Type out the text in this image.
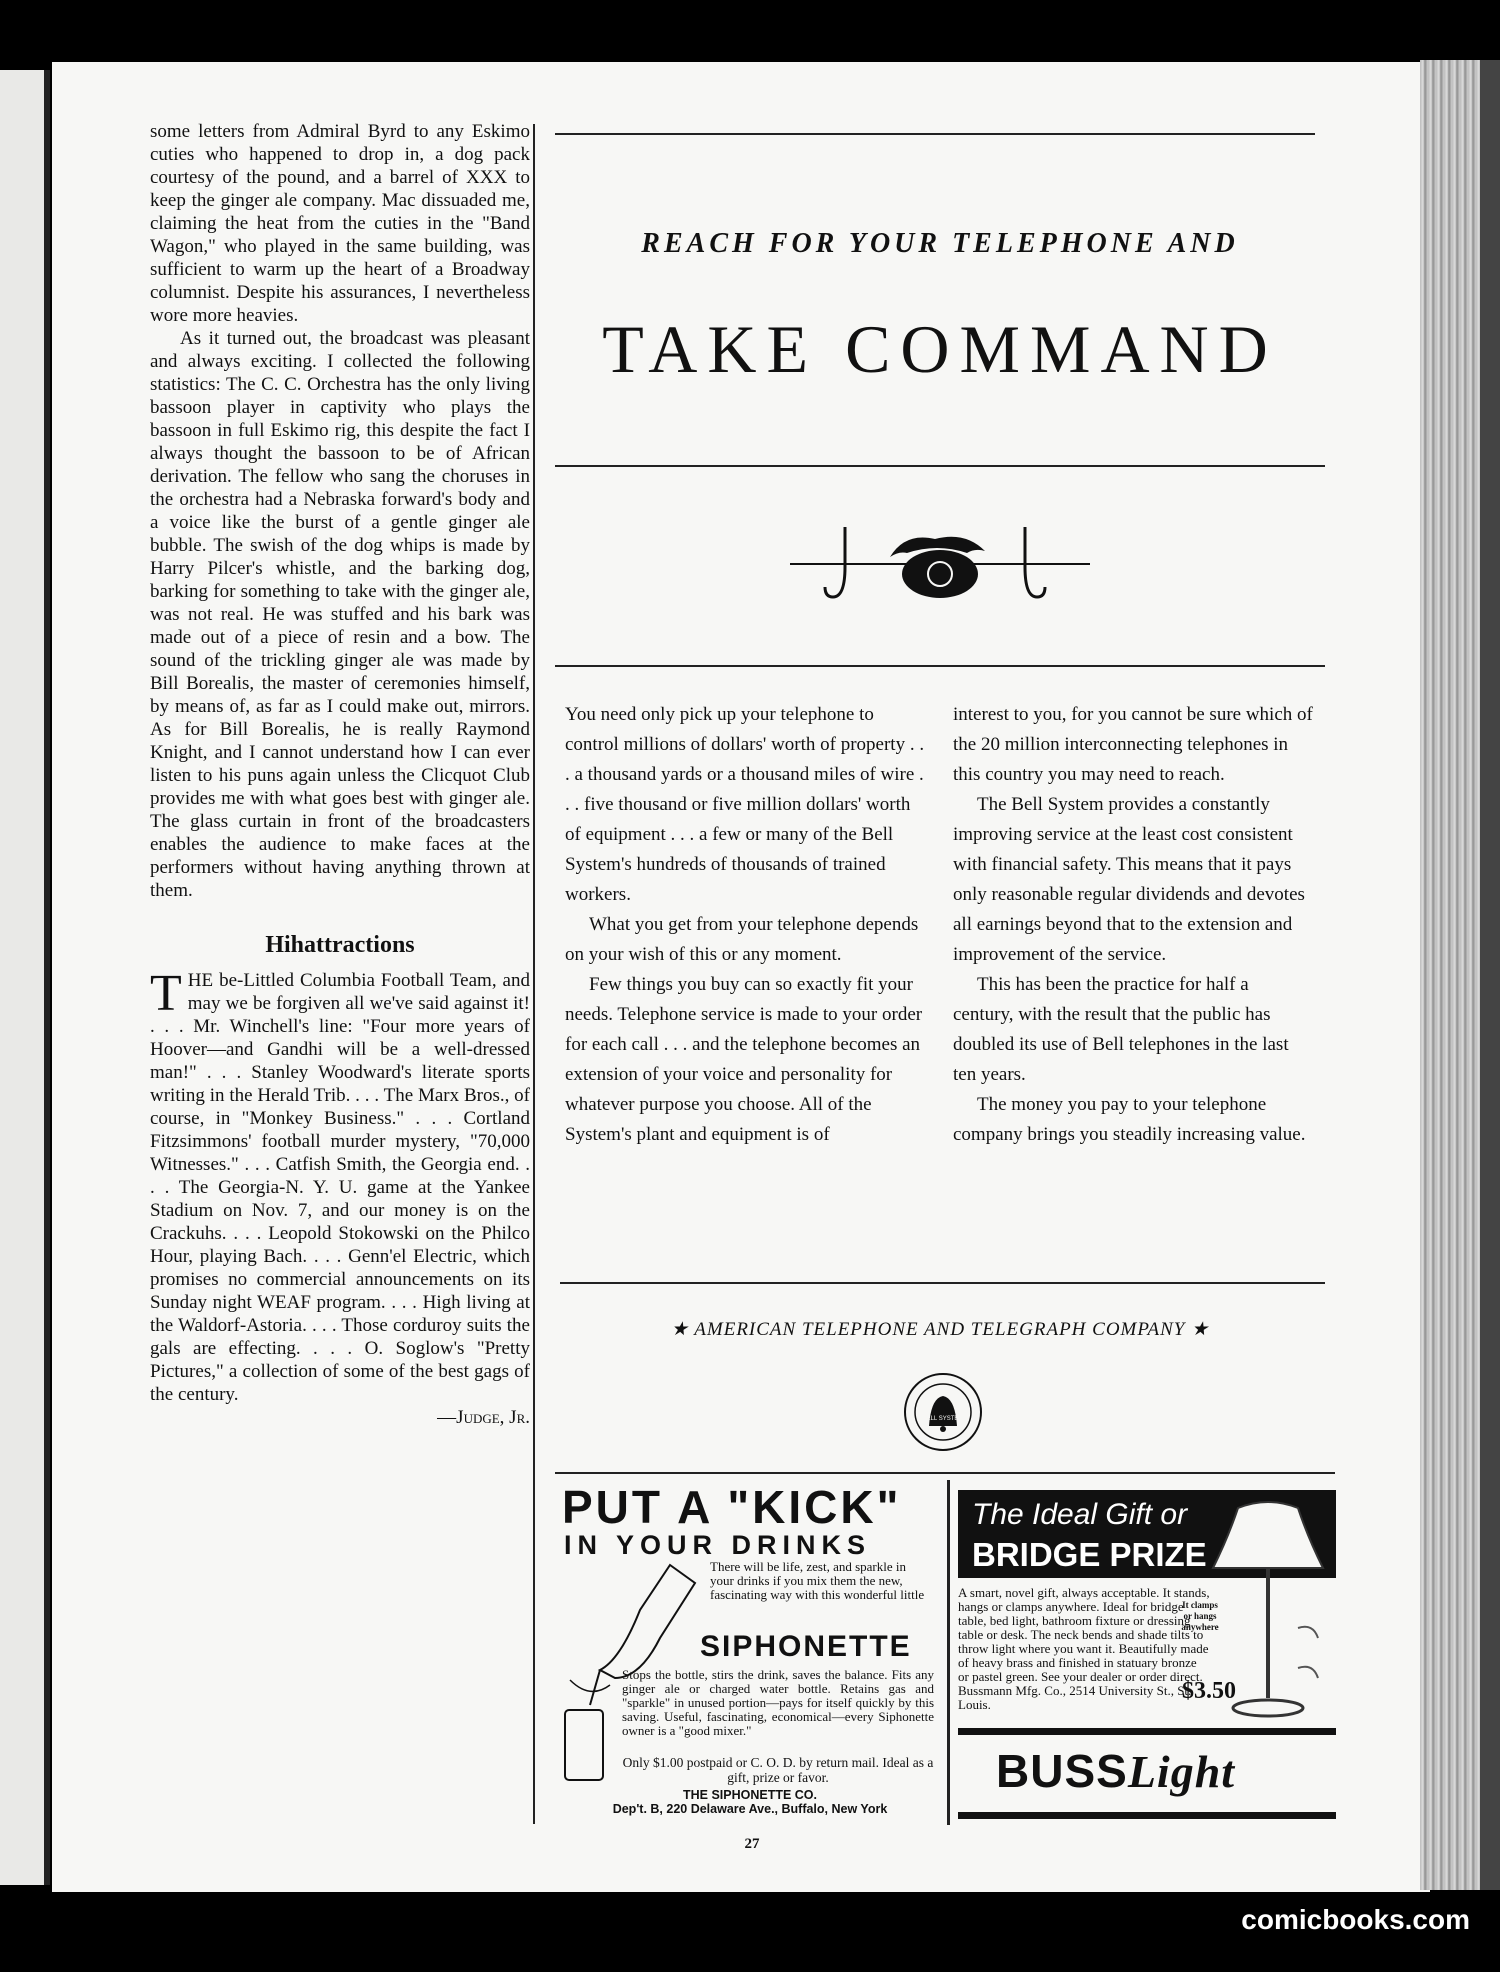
some letters from Admiral Byrd to any Eskimo cuties who happened to drop in, a dog pack courtesy of the pound, and a barrel of XXX to keep the ginger ale company. Mac dissuaded me, claiming the heat from the cuties in the "Band Wagon," who played in the same building, was sufficient to warm up the heart of a Broadway columnist. Despite his assurances, I nevertheless wore more heavies.

As it turned out, the broadcast was pleasant and always exciting. I collected the following statistics: The C. C. Orchestra has the only living bassoon player in captivity who plays the bassoon in full Eskimo rig, this despite the fact I always thought the bassoon to be of African derivation. The fellow who sang the choruses in the orchestra had a Nebraska forward's body and a voice like the burst of a gentle ginger ale bubble. The swish of the dog whips is made by Harry Pilcer's whistle, and the barking dog, barking for something to take with the ginger ale, was not real. He was stuffed and his bark was made out of a piece of resin and a bow. The sound of the trickling ginger ale was made by Bill Borealis, the master of ceremonies himself, by means of, as far as I could make out, mirrors. As for Bill Borealis, he is really Raymond Knight, and I cannot understand how I can ever listen to his puns again unless the Clicquot Club provides me with what goes best with ginger ale. The glass curtain in front of the broadcasters enables the audience to make faces at the performers without having anything thrown at them.

Hihattractions

THE be-Littled Columbia Football Team, and may we be forgiven all we've said against it! . . . Mr. Winchell's line: "Four more years of Hoover—and Gandhi will be a well-dressed man!" . . . Stanley Woodward's literate sports writing in the Herald Trib. . . . The Marx Bros., of course, in "Monkey Business." . . . Cortland Fitzsimmons' football murder mystery, "70,000 Witnesses." . . . Catfish Smith, the Georgia end. . . . The Georgia-N. Y. U. game at the Yankee Stadium on Nov. 7, and our money is on the Crackuhs. . . . Leopold Stokowski on the Philco Hour, playing Bach. . . . Genn'el Electric, which promises no commercial announcements on its Sunday night WEAF program. . . . High living at the Waldorf-Astoria. . . . Those corduroy suits the gals are effecting. . . . O. Soglow's "Pretty Pictures," a collection of some of the best gags of the century.

—Judge, Jr.

REACH FOR YOUR TELEPHONE AND
TAKE COMMAND

You need only pick up your telephone to control millions of dollars' worth of property . . . a thousand yards or a thousand miles of wire . . . five thousand or five million dollars' worth of equipment . . . a few or many of the Bell System's hundreds of thousands of trained workers.

What you get from your telephone depends on your wish of this or any moment.

Few things you buy can so exactly fit your needs. Telephone service is made to your order for each call . . . and the telephone becomes an extension of your voice and personality for whatever purpose you choose. All of the System's plant and equipment is of

interest to you, for you cannot be sure which of the 20 million interconnecting telephones in this country you may need to reach.

The Bell System provides a constantly improving service at the least cost consistent with financial safety. This means that it pays only reasonable regular dividends and devotes all earnings beyond that to the extension and improvement of the service.

This has been the practice for half a century, with the result that the public has doubled its use of Bell telephones in the last ten years.

The money you pay to your telephone company brings you steadily increasing value.

★ AMERICAN TELEPHONE AND TELEGRAPH COMPANY ★
BELL SYSTEM
PUT A "KICK"
IN YOUR DRINKS
There will be life, zest, and sparkle in your drinks if you mix them the new, fascinating way with this wonderful little
SIPHONETTE
Stops the bottle, stirs the drink, saves the balance. Fits any ginger ale or charged water bottle. Retains gas and "sparkle" in unused portion—pays for itself quickly by this saving. Useful, fascinating, economical—every Siphonette owner is a "good mixer."
Only $1.00 postpaid or C. O. D. by return mail. Ideal as a gift, prize or favor.
THE SIPHONETTE CO.
Dep't. B, 220 Delaware Ave., Buffalo, New York
The Ideal Gift or
BRIDGE PRIZE
A smart, novel gift, always acceptable. It stands, hangs or clamps anywhere. Ideal for bridge table, bed light, bathroom fixture or dressing table or desk. The neck bends and shade tilts to throw light where you want it. Beautifully made of heavy brass and finished in statuary bronze or pastel green. See your dealer or order direct. Bussmann Mfg. Co., 2514 University St., St. Louis.
It clamps or hangs anywhere
$3.50
BUSSLight
27
comicbooks.com
